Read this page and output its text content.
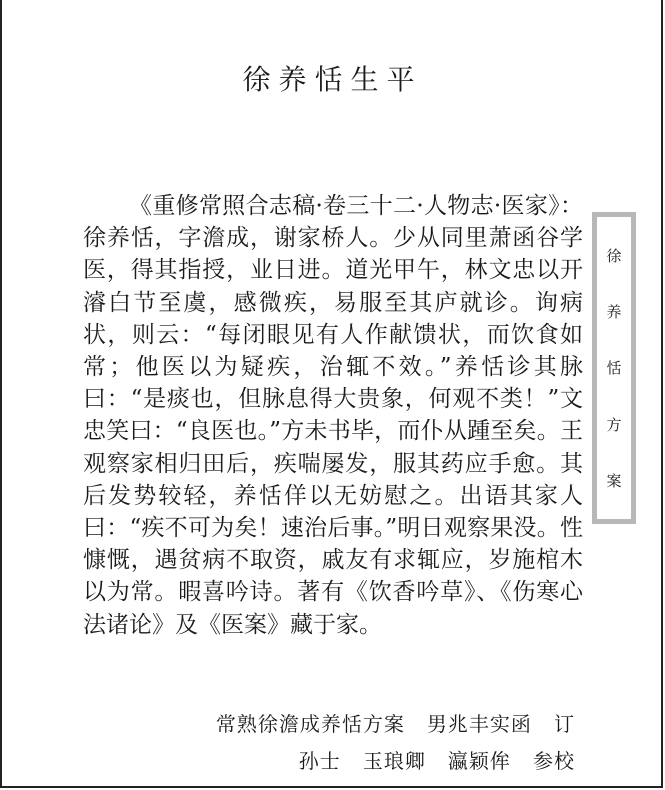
徐养恬生平

《重修常照合志稿·卷三十二·人物志·医家》：徐养恬，字澹成，谢家桥人。少从同里萧函谷学医，得其指授，业日进。道光甲午，林文忠以开濬白节至虞，感微疾，易服至其庐就诊。询病状，则云：“每闭眼见有人作献馈状，而饮食如常；他医以为疑疾，治辄不效。”养恬诊其脉曰：“是痰也，但脉息得大贵象，何观不类！”文忠笑曰：“良医也。”方未书毕，而仆从踵至矣。王观察家相归田后，疾喘屡发，服其药应手愈。其后发势较轻，养恬佯以无妨慰之。出语其家人曰：“疾不可为矣！速治后事。”明日观察果没。性慷慨，遇贫病不取资，戚友有求辄应，岁施棺木以为常。暇喜吟诗。著有《饮香吟草》、《伤寒心法诸论》及《医案》藏于家。

常熟徐澹成养恬方案   男兆丰实函   订
孙士   玉琅卿   瀛颖侔   参校
徐
养
恬
方
案
